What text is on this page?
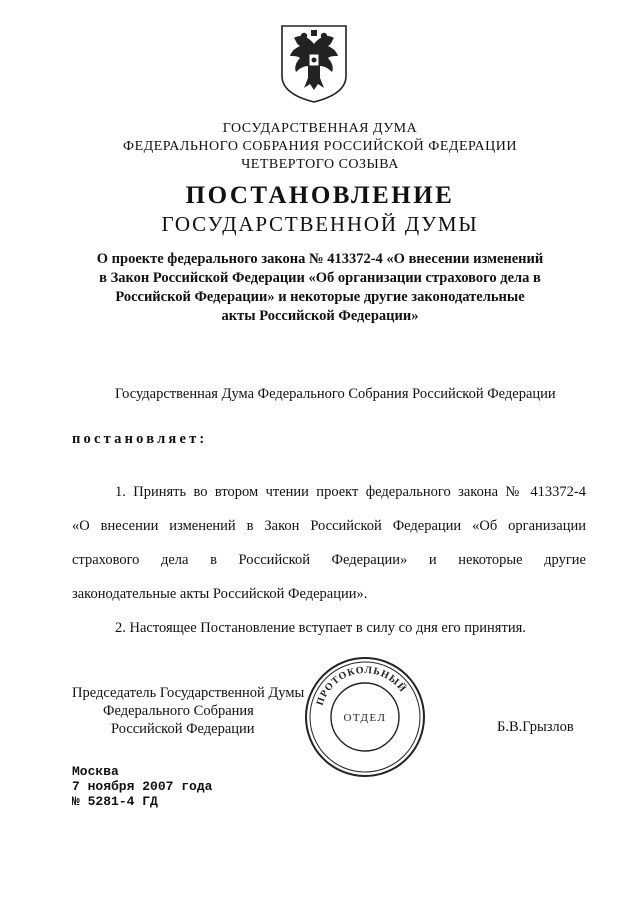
ГОСУДАРСТВЕННАЯ ДУМА
ФЕДЕРАЛЬНОГО СОБРАНИЯ РОССИЙСКОЙ ФЕДЕРАЦИИ
ЧЕТВЕРТОГО СОЗЫВА
ПОСТАНОВЛЕНИЕ
ГОСУДАРСТВЕННОЙ ДУМЫ
О проекте федерального закона № 413372-4 «О внесении изменений
в Закон Российской Федерации «Об организации страхового дела в
Российской Федерации» и некоторые другие законодательные
акты Российской Федерации»
Государственная Дума Федерального Собрания Российской Федерации
постановляет:
1. Принять во втором чтении проект федерального закона № 413372-4
«О внесении изменений в Закон Российской Федерации «Об организации
страхового дела в Российской Федерации» и некоторые другие
законодательные акты Российской Федерации».
2. Настоящее Постановление вступает в силу со дня его принятия.
Председатель Государственной Думы
Федерального Собрания
Российской Федерации	Б.В.Грызлов
ПРОТОКОЛЬНЫЙ
ОТДЕЛ
Москва
7 ноября 2007 года
№ 5281-4 ГД
